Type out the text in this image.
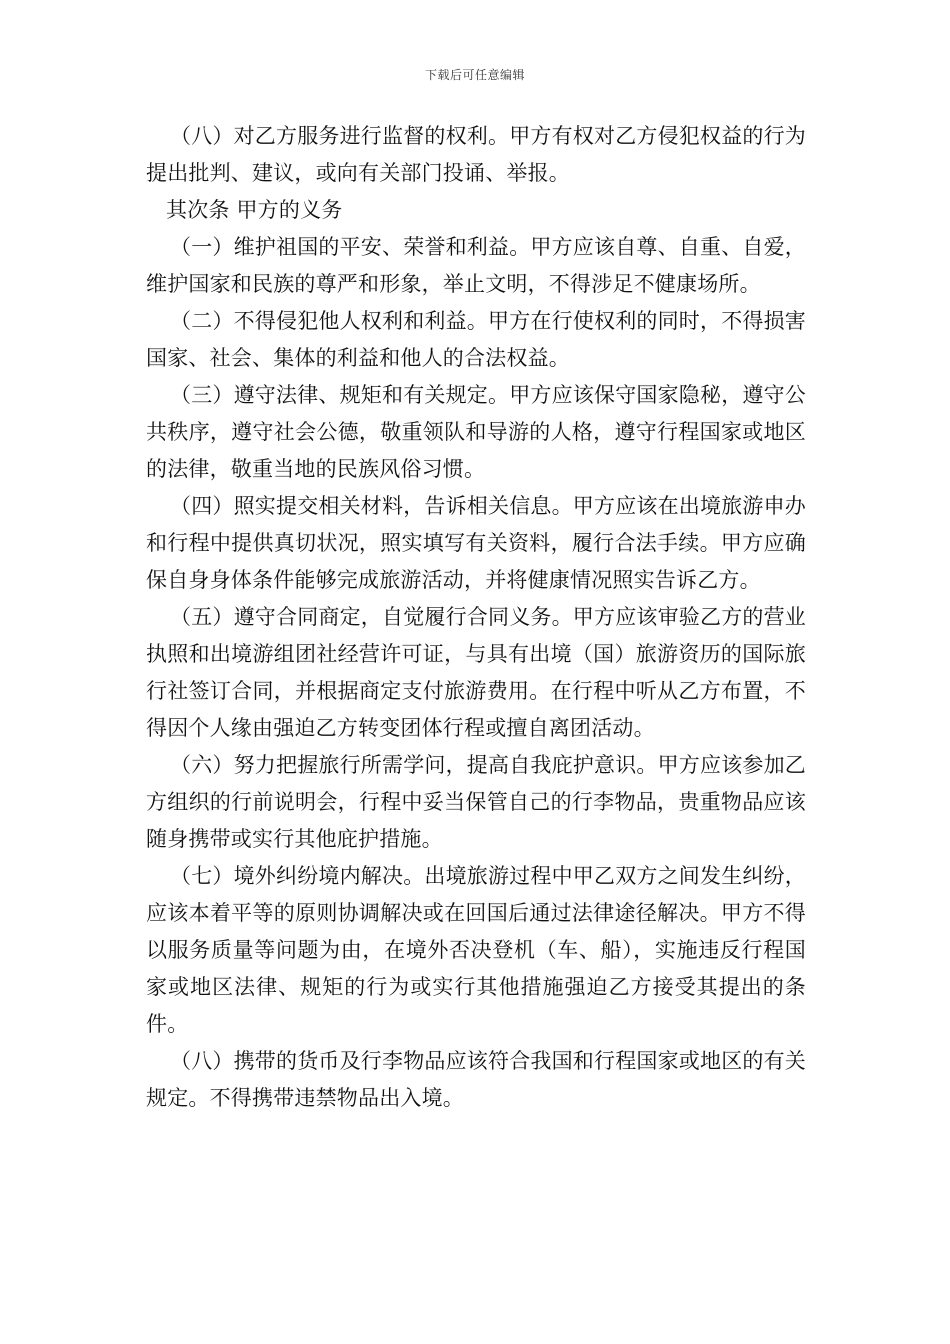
下载后可任意编辑

（八）对乙方服务进行监督的权利。甲方有权对乙方侵犯权益的行为提出批判、建议，或向有关部门投诵、举报。

其次条 甲方的义务

（一）维护祖国的平安、荣誉和利益。甲方应该自尊、自重、自爱，维护国家和民族的尊严和形象，举止文明，不得涉足不健康场所。

（二）不得侵犯他人权利和利益。甲方在行使权利的同时，不得损害国家、社会、集体的利益和他人的合法权益。

（三）遵守法律、规矩和有关规定。甲方应该保守国家隐秘，遵守公共秩序，遵守社会公德，敬重领队和导游的人格，遵守行程国家或地区的法律，敬重当地的民族风俗习惯。

（四）照实提交相关材料，告诉相关信息。甲方应该在出境旅游申办和行程中提供真切状况，照实填写有关资料，履行合法手续。甲方应确保自身身体条件能够完成旅游活动，并将健康情况照实告诉乙方。

（五）遵守合同商定，自觉履行合同义务。甲方应该审验乙方的营业执照和出境游组团社经营许可证，与具有出境（国）旅游资历的国际旅行社签订合同，并根据商定支付旅游费用。在行程中听从乙方布置，不得因个人缘由强迫乙方转变团体行程或擅自离团活动。

（六）努力把握旅行所需学问，提高自我庇护意识。甲方应该参加乙方组织的行前说明会，行程中妥当保管自己的行李物品，贵重物品应该随身携带或实行其他庇护措施。

（七）境外纠纷境内解决。出境旅游过程中甲乙双方之间发生纠纷，应该本着平等的原则协调解决或在回国后通过法律途径解决。甲方不得以服务质量等问题为由，在境外否决登机（车、船），实施违反行程国家或地区法律、规矩的行为或实行其他措施强迫乙方接受其提出的条件。

（八）携带的货币及行李物品应该符合我国和行程国家或地区的有关规定。不得携带违禁物品出入境。
